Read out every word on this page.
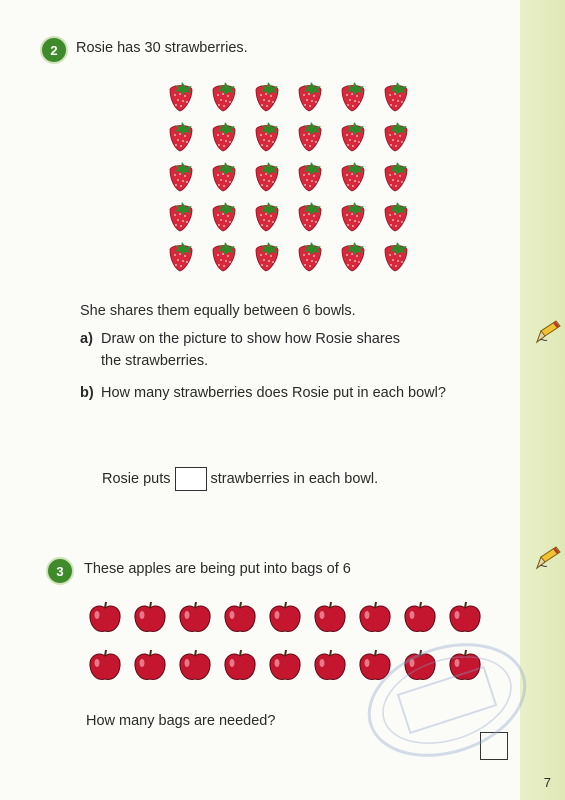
2 Rosie has 30 strawberries.
She shares them equally between 6 bowls.
a) Draw on the picture to show how Rosie shares
the strawberries.
b) How many strawberries does Rosie put in each bowl?
Rosie puts	strawberries in each bowl.
3 These apples are being put into bags of 6
How many bags are needed?
7
